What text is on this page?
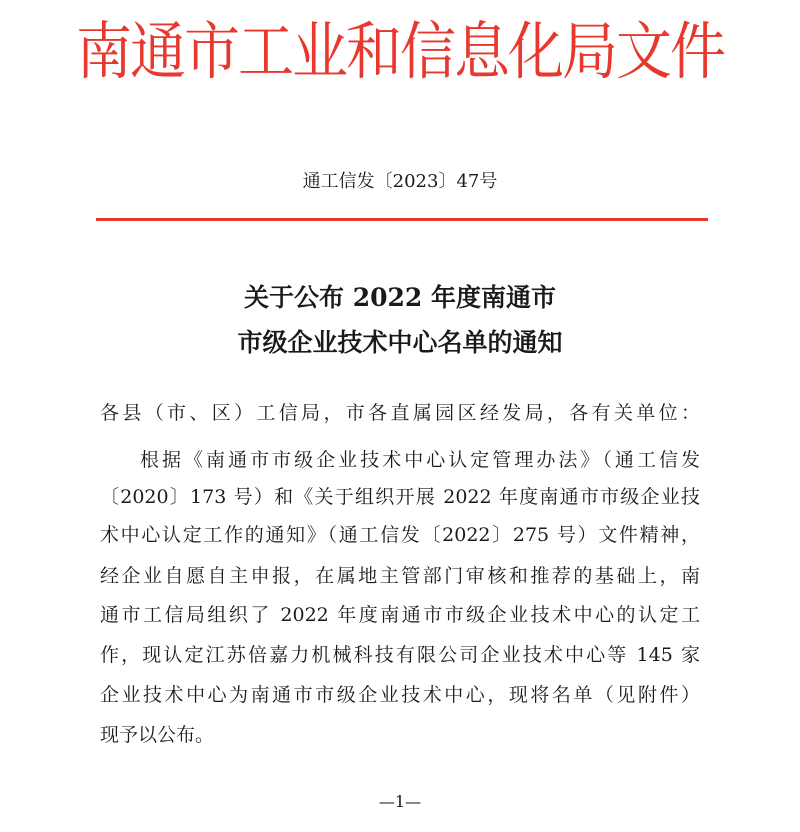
南通市工业和信息化局文件
通工信发〔2023〕47号
关于公布 2022 年度南通市
市级企业技术中心名单的通知
各县（市、区）工信局，市各直属园区经发局，各有关单位：
根据《南通市市级企业技术中心认定管理办法》（通工信发
〔2020〕173 号）和《关于组织开展 2022 年度南通市市级企业技
术中心认定工作的通知》（通工信发〔2022〕275 号）文件精神，
经企业自愿自主申报，在属地主管部门审核和推荐的基础上，南
通市工信局组织了 2022 年度南通市市级企业技术中心的认定工
作，现认定江苏倍嘉力机械科技有限公司企业技术中心等 145 家
企业技术中心为南通市市级企业技术中心，现将名单（见附件）
现予以公布。
—1—
